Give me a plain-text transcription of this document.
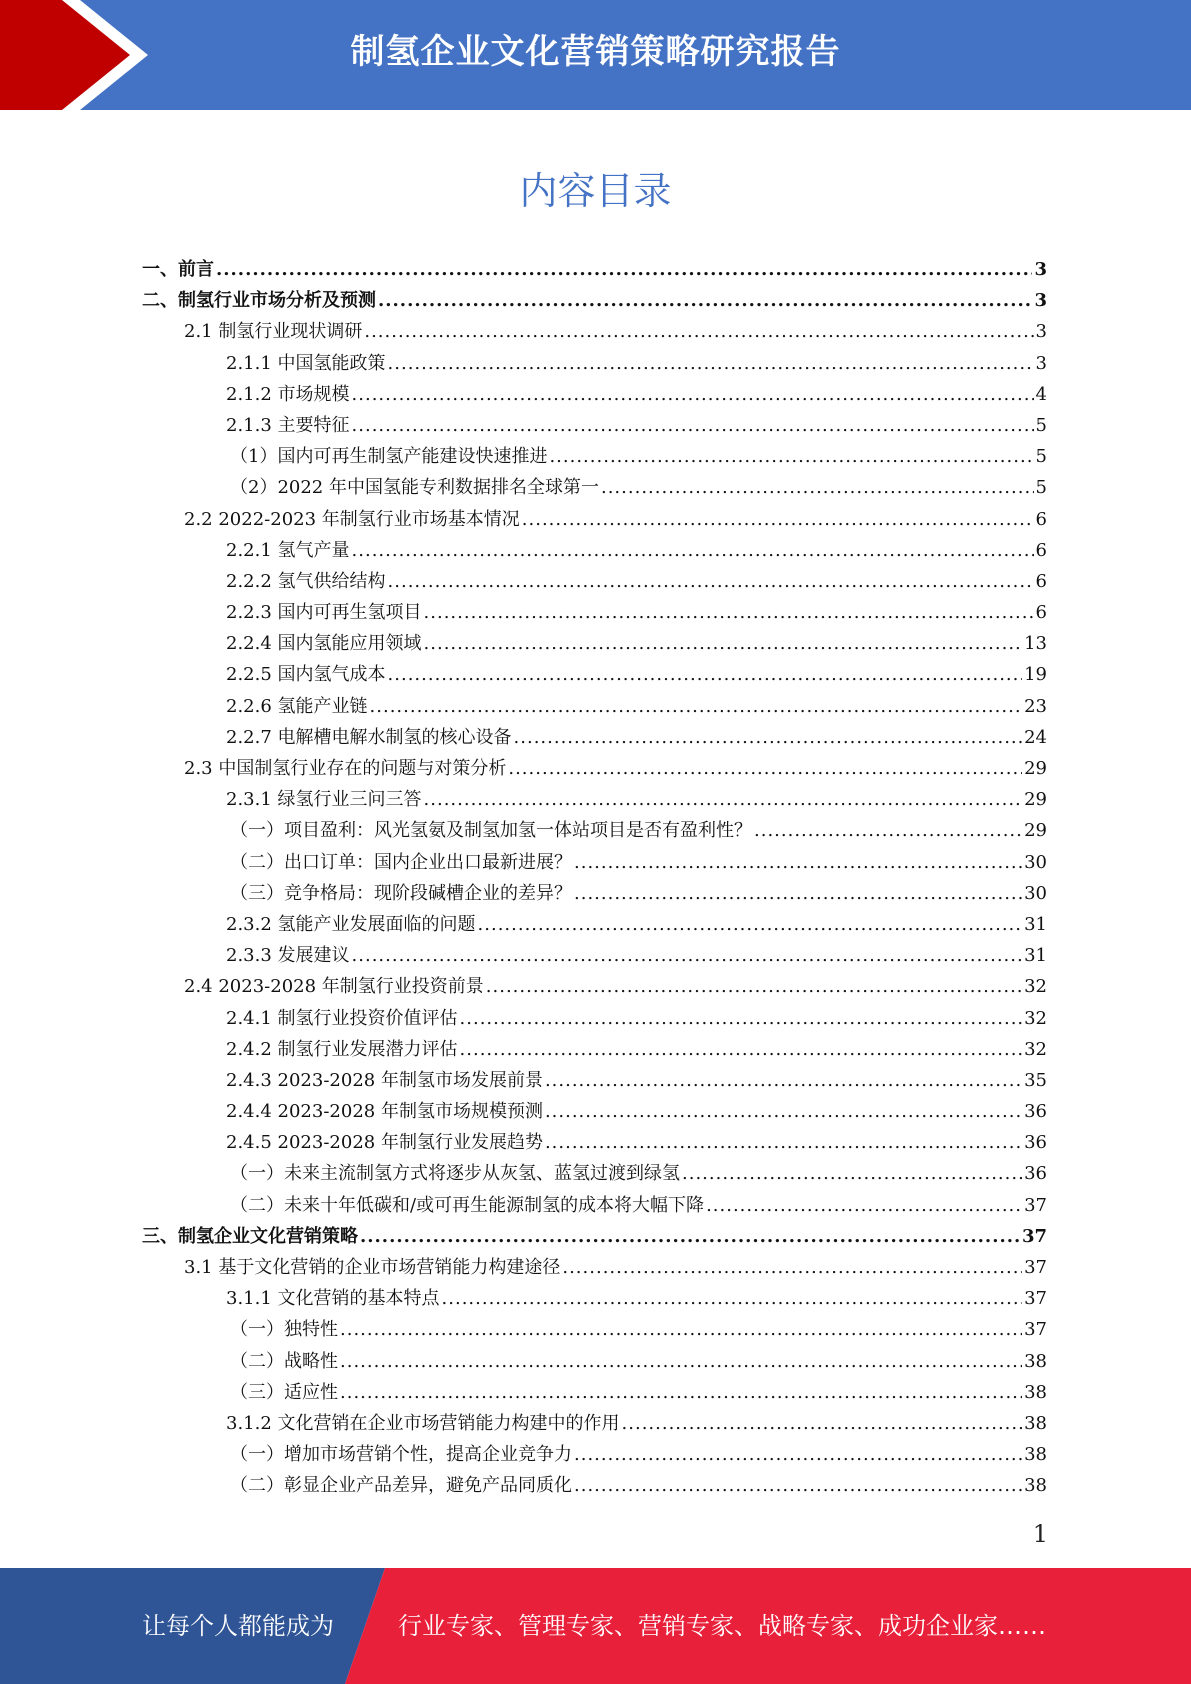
制氢企业文化营销策略研究报告
内容目录
一、前言 .....	3
二、制氢行业市场分析及预测 .....	3
2.1 制氢行业现状调研 .....	3
2.1.1 中国氢能政策 .....	3
2.1.2 市场规模 .....	4
2.1.3 主要特征 .....	5
（1）国内可再生制氢产能建设快速推进 .....	5
（2）2022 年中国氢能专利数据排名全球第一 .....	5
2.2 2022-2023 年制氢行业市场基本情况 .....	6
2.2.1 氢气产量 .....	6
2.2.2 氢气供给结构 .....	6
2.2.3 国内可再生氢项目 .....	6
2.2.4 国内氢能应用领域 .....	13
2.2.5 国内氢气成本 .....	19
2.2.6 氢能产业链 .....	23
2.2.7 电解槽电解水制氢的核心设备 .....	24
2.3 中国制氢行业存在的问题与对策分析 .....	29
2.3.1 绿氢行业三问三答 .....	29
（一）项目盈利：风光氢氨及制氢加氢一体站项目是否有盈利性？ .....	29
（二）出口订单：国内企业出口最新进展？ .....	30
（三）竞争格局：现阶段碱槽企业的差异？ .....	30
2.3.2 氢能产业发展面临的问题 .....	31
2.3.3 发展建议 .....	31
2.4 2023-2028 年制氢行业投资前景 .....	32
2.4.1 制氢行业投资价值评估 .....	32
2.4.2 制氢行业发展潜力评估 .....	32
2.4.3 2023-2028 年制氢市场发展前景 .....	35
2.4.4 2023-2028 年制氢市场规模预测 .....	36
2.4.5 2023-2028 年制氢行业发展趋势 .....	36
（一）未来主流制氢方式将逐步从灰氢、蓝氢过渡到绿氢 .....	36
（二）未来十年低碳和/或可再生能源制氢的成本将大幅下降 .....	37
三、制氢企业文化营销策略 .....	37
3.1 基于文化营销的企业市场营销能力构建途径 .....	37
3.1.1 文化营销的基本特点 .....	37
（一）独特性 .....	37
（二）战略性 .....	38
（三）适应性 .....	38
3.1.2 文化营销在企业市场营销能力构建中的作用 .....	38
（一）增加市场营销个性，提高企业竞争力 .....	38
（二）彰显企业产品差异，避免产品同质化 .....	38
1
让每个人都能成为	行业专家、管理专家、营销专家、战略专家、成功企业家……
